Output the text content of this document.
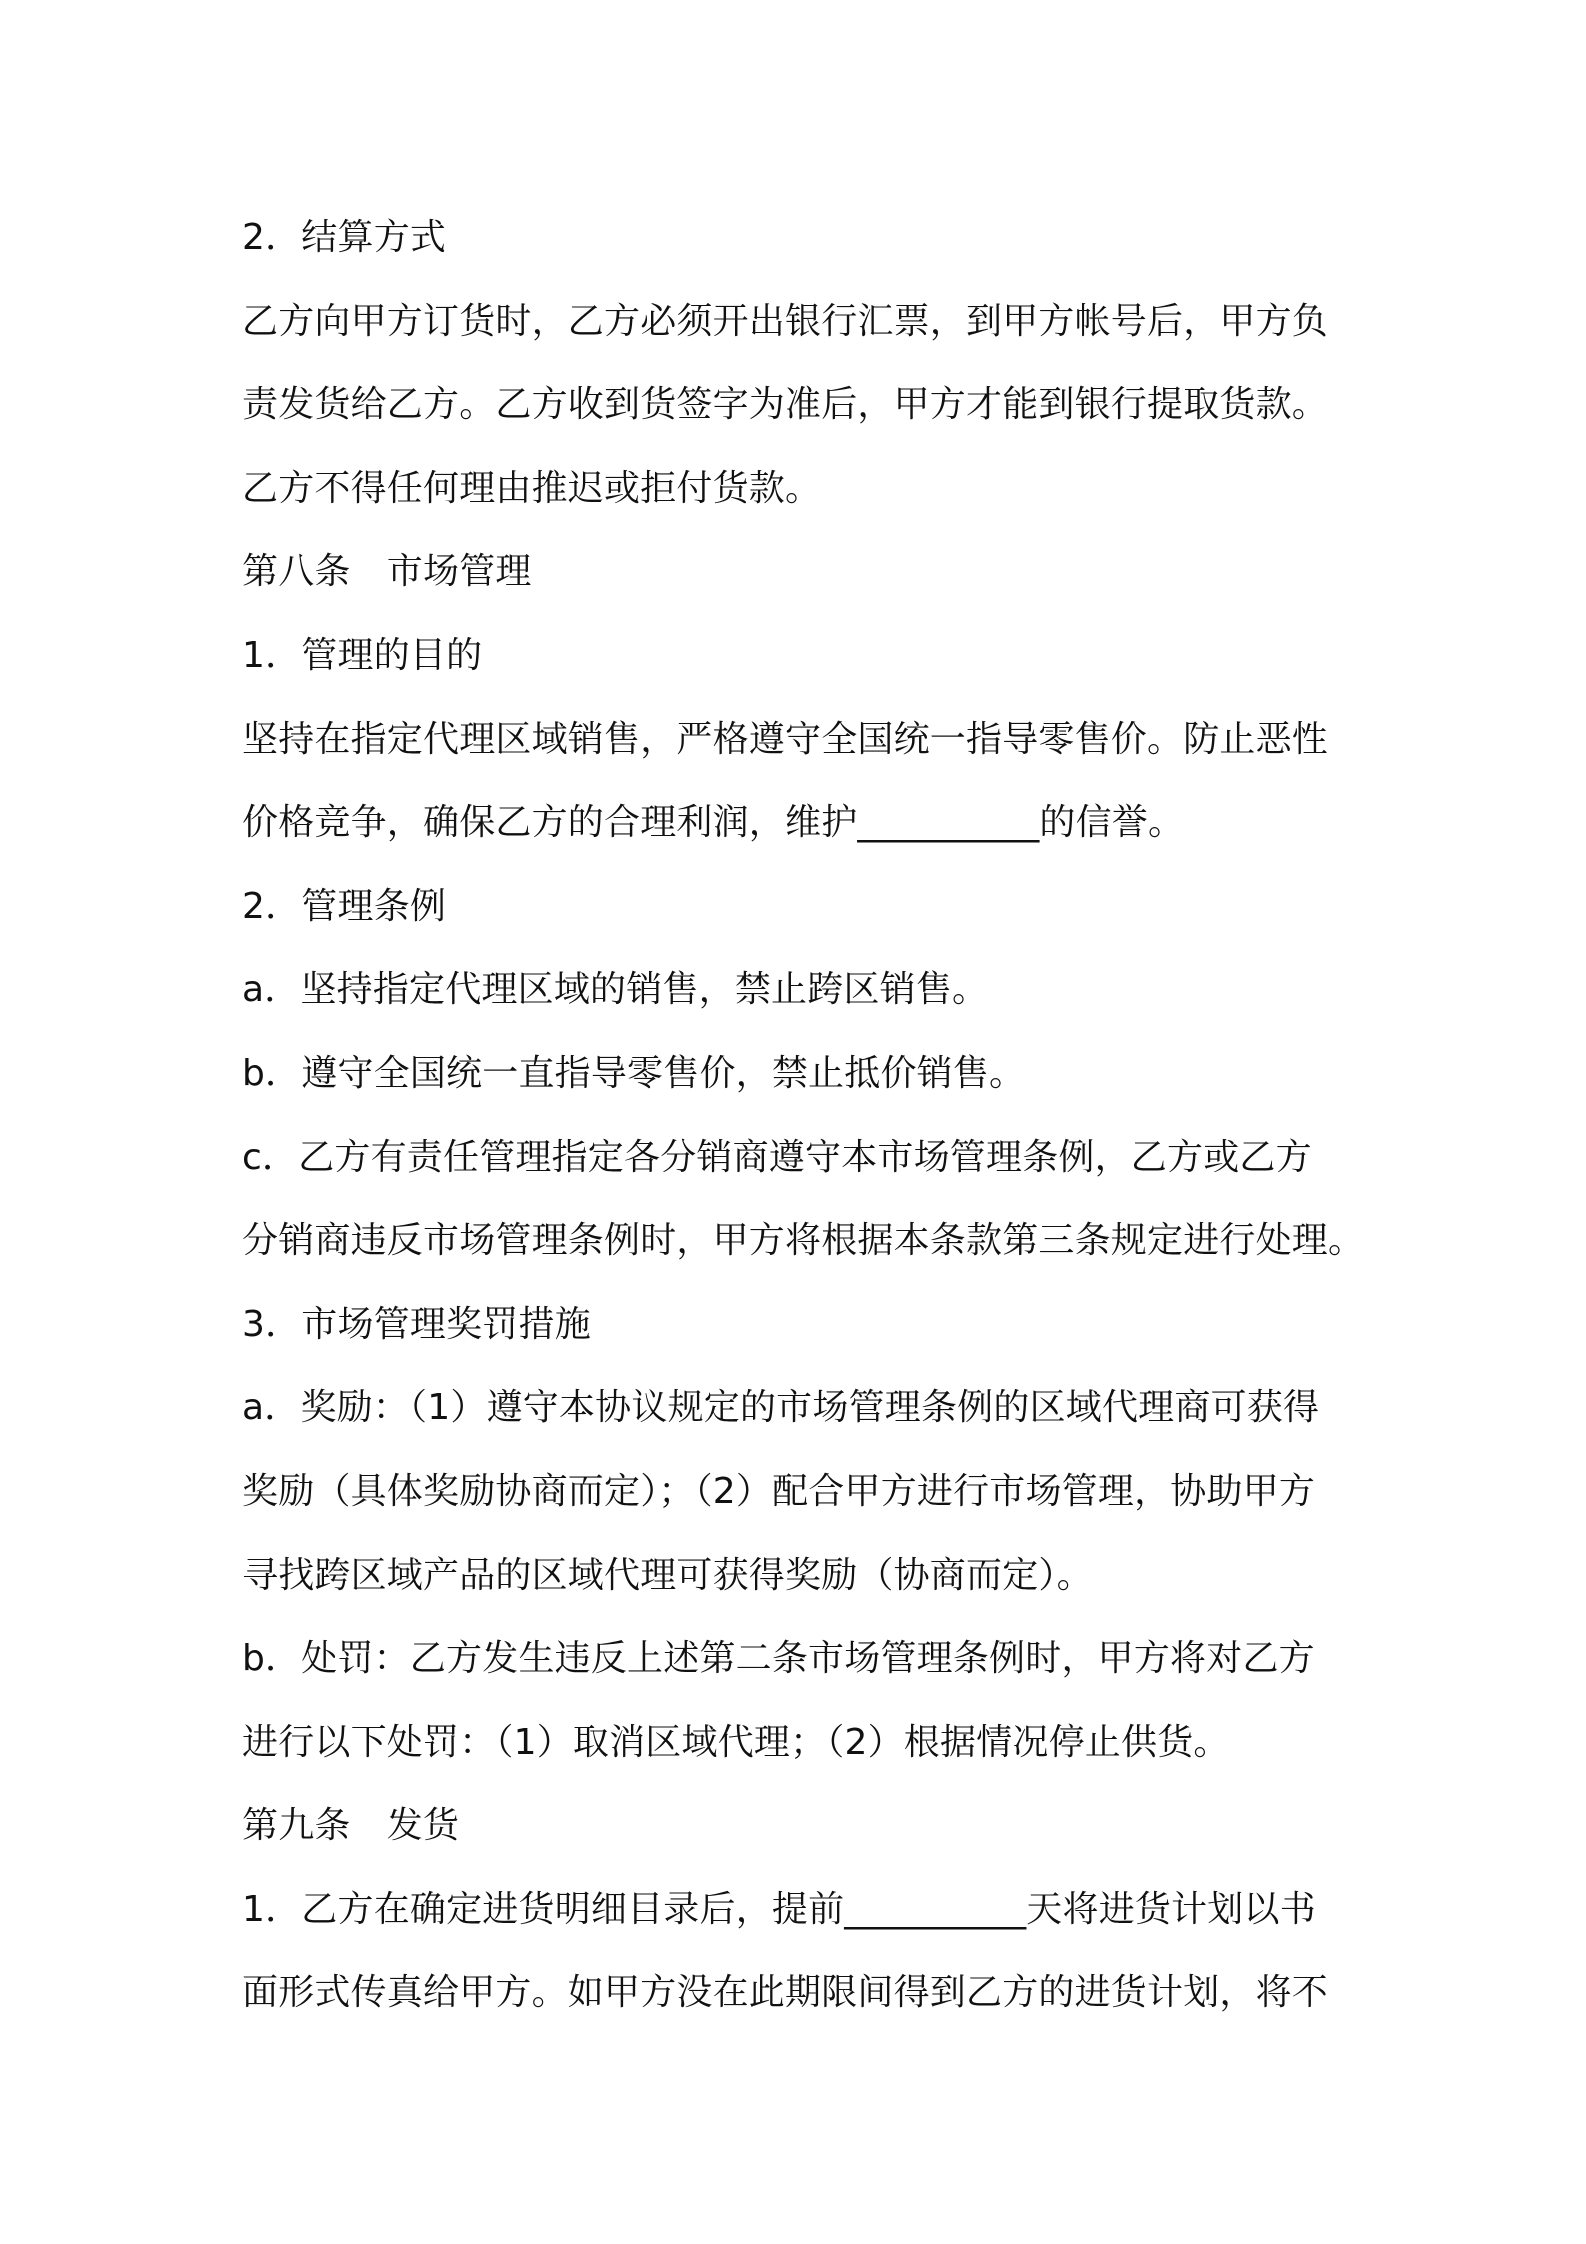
2．结算方式
乙方向甲方订货时，乙方必须开出银行汇票，到甲方帐号后，甲方负
责发货给乙方。乙方收到货签字为准后，甲方才能到银行提取货款。
乙方不得任何理由推迟或拒付货款。
第八条　市场管理
1．管理的目的
坚持在指定代理区域销售，严格遵守全国统一指导零售价。防止恶性
价格竞争，确保乙方的合理利润，维护__________的信誉。
2．管理条例
a．坚持指定代理区域的销售，禁止跨区销售。
b．遵守全国统一直指导零售价，禁止抵价销售。
c．乙方有责任管理指定各分销商遵守本市场管理条例，乙方或乙方
分销商违反市场管理条例时，甲方将根据本条款第三条规定进行处理。
3．市场管理奖罚措施
a．奖励：（1）遵守本协议规定的市场管理条例的区域代理商可获得
奖励（具体奖励协商而定）；（2）配合甲方进行市场管理，协助甲方
寻找跨区域产品的区域代理可获得奖励（协商而定）。
b．处罚：乙方发生违反上述第二条市场管理条例时，甲方将对乙方
进行以下处罚：（1）取消区域代理；（2）根据情况停止供货。
第九条　发货
1．乙方在确定进货明细目录后，提前__________天将进货计划以书
面形式传真给甲方。如甲方没在此期限间得到乙方的进货计划，将不
